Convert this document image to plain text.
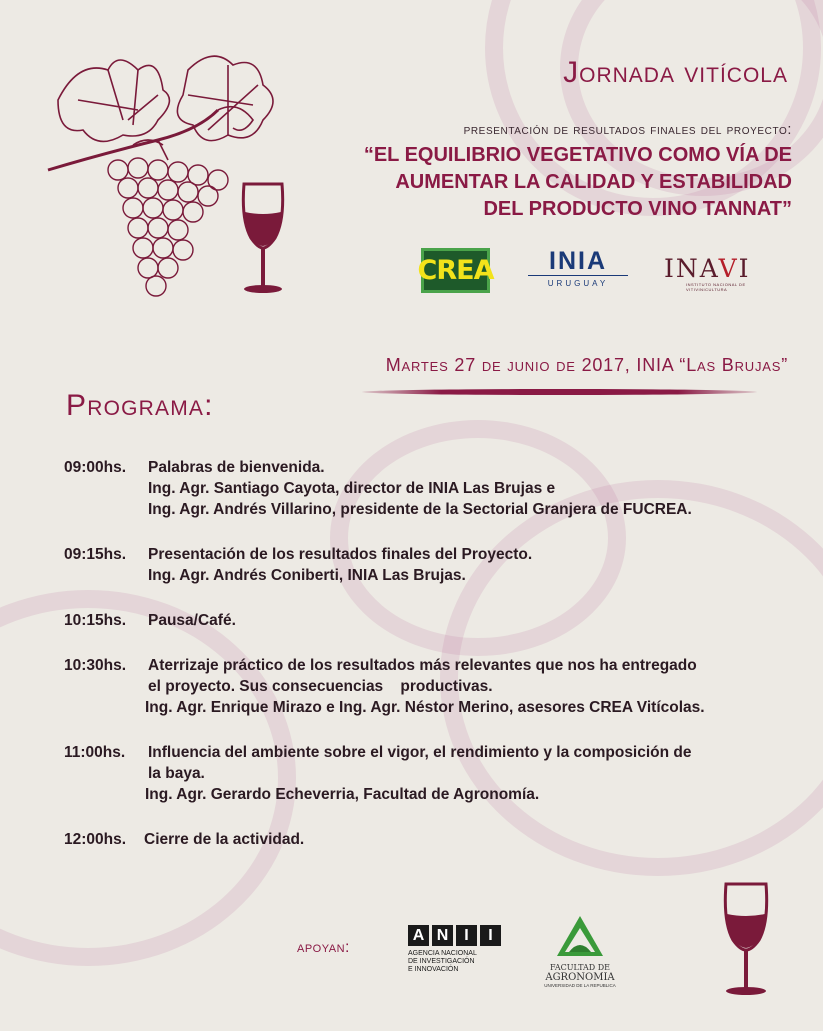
Jornada vitícola
presentación de resultados finales del proyecto:
“EL EQUILIBRIO VEGETATIVO COMO VÍA DE
AUMENTAR LA CALIDAD Y ESTABILIDAD
DEL PRODUCTO VINO TANNAT”
CREA	INIA
URUGUAY
INAVI
INSTITUTO NACIONAL DE VITIVINICULTURA
Martes 27 de junio de 2017, INIA “Las Brujas”
Programa:
09:00hs.	Palabras de bienvenida.
Ing. Agr. Santiago Cayota, director de INIA Las Brujas e
Ing. Agr. Andrés Villarino, presidente de la Sectorial Granjera de FUCREA.
09:15hs.	Presentación de los resultados finales del Proyecto.
Ing. Agr. Andrés Coniberti, INIA Las Brujas.
10:15hs.	Pausa/Café.
10:30hs.	Aterrizaje práctico de los resultados más relevantes que nos ha entregado
el proyecto. Sus consecuencias    productivas.
Ing. Agr. Enrique Mirazo e Ing. Agr. Néstor Merino, asesores CREA Vitícolas.
11:00hs.	Influencia del ambiente sobre el vigor, el rendimiento y la composición de
la baya.
Ing. Agr. Gerardo Echeverria, Facultad de Agronomía.
12:00hs.	Cierre de la actividad.
apoyan:
A N I	I
AGENCIA NACIONAL
DE INVESTIGACIÓN
E INNOVACIÓN	FACULTAD DE
AGRONOMIA
UNIVERSIDAD DE LA REPUBLICA
